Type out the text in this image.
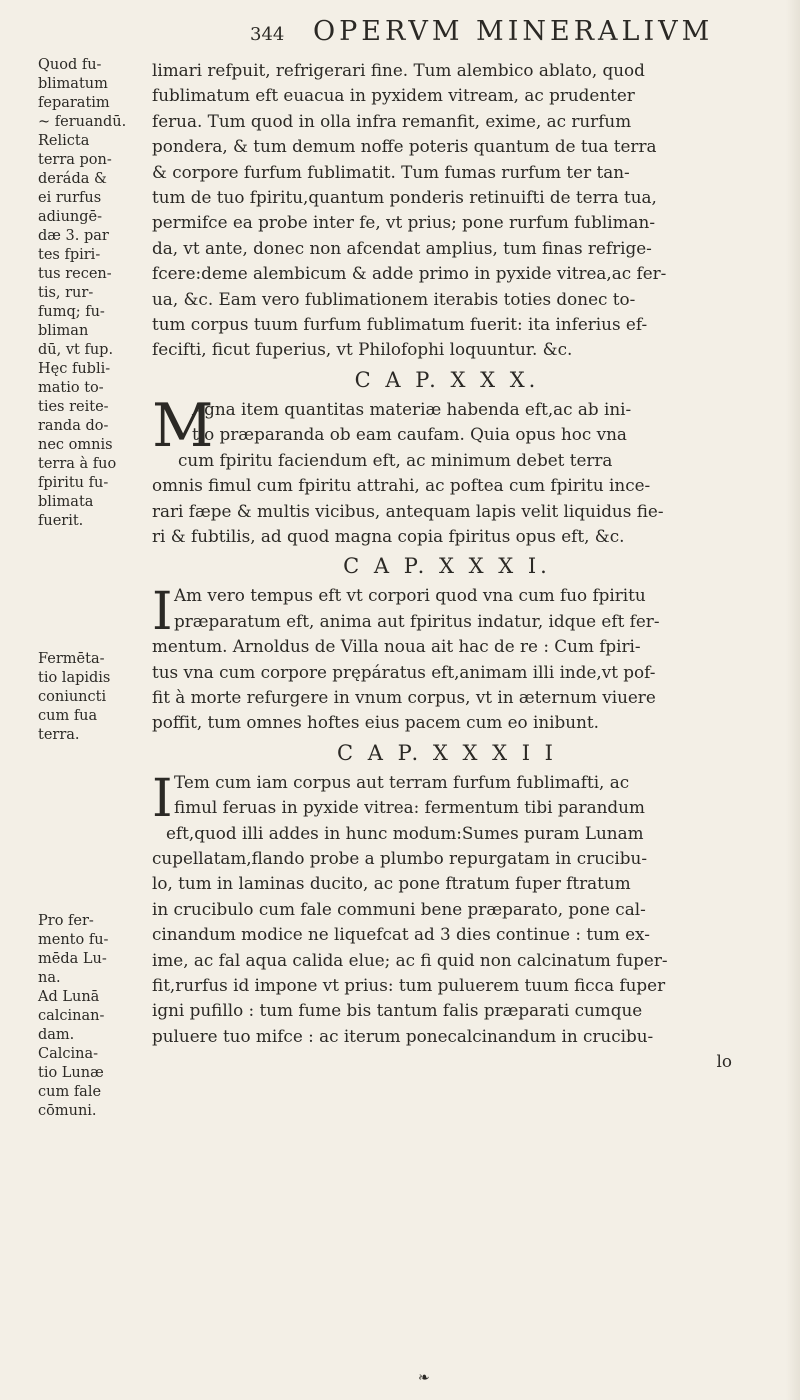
344 OPERVM MINERALIVM
Quod fu-
blimatum
feparatim
~ feruandū.
Relicta
terra pon-
deráda &
ei rurfus
adiungē-
dæ 3. par
tes fpiri-
tus recen-
tis, rur-
fumq; fu-
bliman
dū, vt fup.
Hęc fubli-
matio to-
ties reite-
randa do-
nec omnis
terra à fuo
fpiritu fu-
blimata
fuerit.
Fermēta-
tio lapidis
coniuncti
cum fua
terra.
Pro fer-
mento fu-
mēda Lu-
na.
Ad Lunā
calcinan-
dam.
Calcina-
tio Lunæ
cum fale
cōmuni.
limari refpuit, refrigerari fine. Tum alembico ablato, quod
fublimatum eft euacua in pyxidem vitream, ac prudenter
ferua. Tum quod in olla infra remanfit, exime, ac rurfum
pondera, & tum demum noffe poteris quantum de tua terra
& corpore furfum fublimatit. Tum fumas rurfum ter tan-
tum de tuo fpiritu,quantum ponderis retinuifti de terra tua,
permifce ea probe inter fe, vt prius; pone rurfum fubliman-
da, vt ante, donec non afcendat amplius, tum finas refrige-
fcere:deme alembicum & adde primo in pyxide vitrea,ac fer-
ua, &c. Eam vero fublimationem iterabis toties donec to-
tum corpus tuum furfum fublimatum fuerit: ita inferius ef-
fecifti, ficut fuperius, vt Philofophi loquuntur. &c.
C A P. X X X.
M
Agna item quantitas materiæ habenda eft,ac ab ini-
tio præparanda ob eam caufam. Quia opus hoc vna
cum fpiritu faciendum eft, ac minimum debet terra
omnis fimul cum fpiritu attrahi, ac poftea cum fpiritu ince-
rari fæpe & multis vicibus, antequam lapis velit liquidus fie-
ri & fubtilis, ad quod magna copia fpiritus opus eft, &c.
C A P. X X X I.
I Am vero tempus eft vt corpori quod vna cum fuo fpiritu
præparatum eft, anima aut fpiritus indatur, idque eft fer-
mentum. Arnoldus de Villa noua ait hac de re : Cum fpiri-
tus vna cum corpore prępáratus eft,animam illi inde,vt pof-
fit à morte refurgere in vnum corpus, vt in æternum viuere
poffit, tum omnes hoftes eius pacem cum eo inibunt.
C A P. X X X I I
I Tem cum iam corpus aut terram furfum fublimafti, ac
fimul feruas in pyxide vitrea: fermentum tibi parandum
eft,quod illi addes in hunc modum:Sumes puram Lunam
cupellatam,flando probe a plumbo repurgatam in crucibu-
lo, tum in laminas ducito, ac pone ftratum fuper ftratum
in crucibulo cum fale communi bene præparato, pone cal-
cinandum modice ne liquefcat ad 3 dies continue : tum ex-
ime, ac fal aqua calida elue; ac fi quid non calcinatum fuper-
fit,rurfus id impone vt prius: tum puluerem tuum ficca fuper
igni pufillo : tum fume bis tantum falis præparati cumque
puluere tuo mifce : ac iterum ponecalcinandum in crucibu-
lo
❧
